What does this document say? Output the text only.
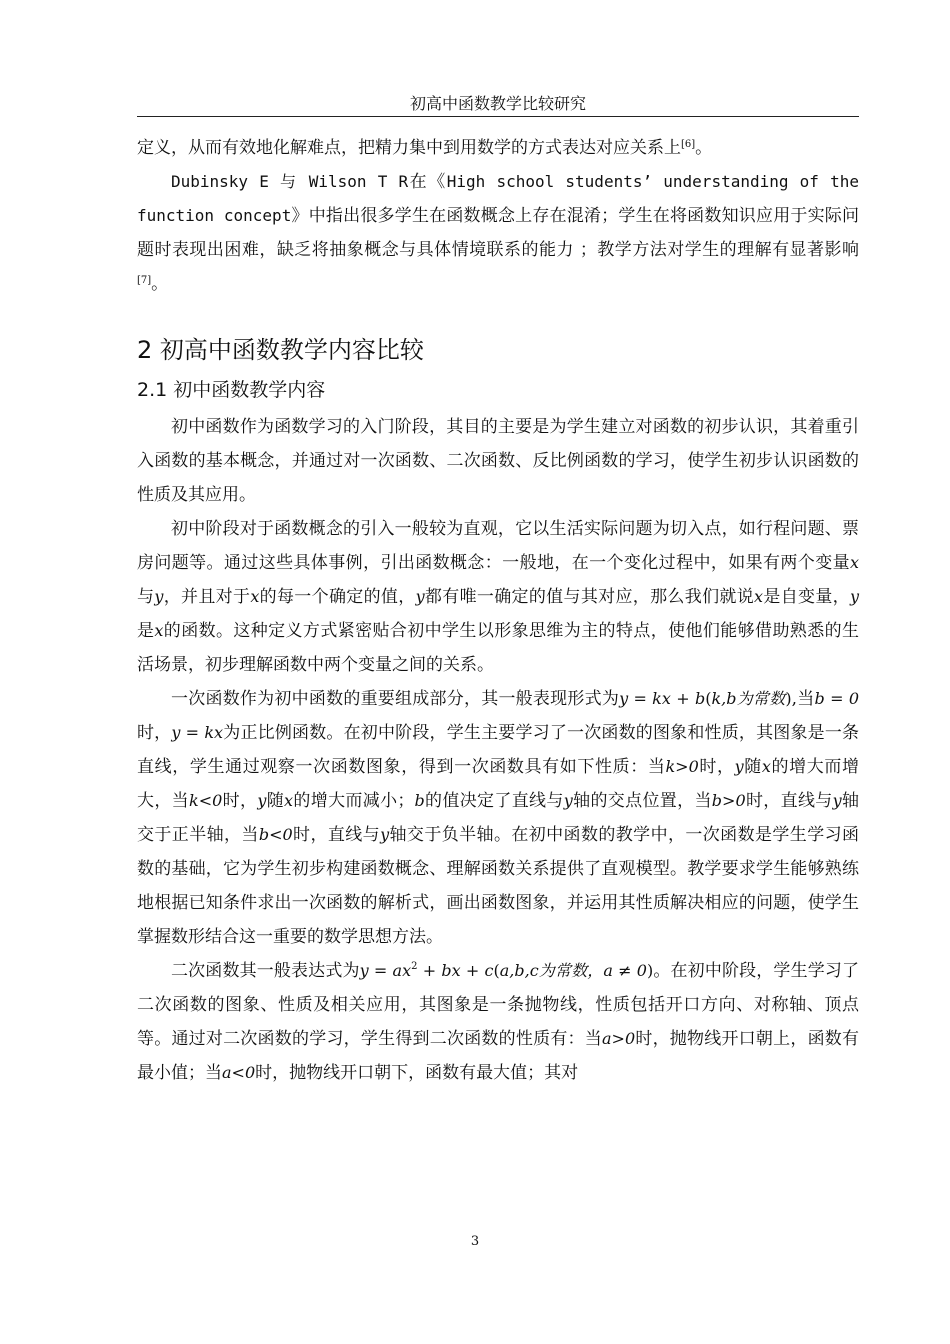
初高中函数教学比较研究

定义，从而有效地化解难点，把精力集中到用数学的方式表达对应关系上[6]。

Dubinsky E 与 Wilson T R在《High school students’ understanding of the function concept》中指出很多学生在函数概念上存在混淆；学生在将函数知识应用于实际问题时表现出困难，缺乏将抽象概念与具体情境联系的能力 ；教学方法对学生的理解有显著影响[7]。

2 初高中函数教学内容比较
2.1 初中函数教学内容

初中函数作为函数学习的入门阶段，其目的主要是为学生建立对函数的初步认识，其着重引入函数的基本概念，并通过对一次函数、二次函数、反比例函数的学习，使学生初步认识函数的性质及其应用。

初中阶段对于函数概念的引入一般较为直观，它以生活实际问题为切入点，如行程问题、票房问题等。通过这些具体事例，引出函数概念：一般地，在一个变化过程中，如果有两个变量x与y，并且对于x的每一个确定的值，y都有唯一确定的值与其对应，那么我们就说x是自变量，y是x的函数。这种定义方式紧密贴合初中学生以形象思维为主的特点，使他们能够借助熟悉的生活场景，初步理解函数中两个变量之间的关系。

一次函数作为初中函数的重要组成部分，其一般表现形式为y = kx + b(k,b为常数),当b = 0时，y = kx为正比例函数。在初中阶段，学生主要学习了一次函数的图象和性质，其图象是一条直线，学生通过观察一次函数图象，得到一次函数具有如下性质：当k>0时，y随x的增大而增大，当k<0时，y随x的增大而减小；b的值决定了直线与y轴的交点位置，当b>0时，直线与y轴交于正半轴，当b<0时，直线与y轴交于负半轴。在初中函数的教学中，一次函数是学生学习函数的基础，它为学生初步构建函数概念、理解函数关系提供了直观模型。教学要求学生能够熟练地根据已知条件求出一次函数的解析式，画出函数图象，并运用其性质解决相应的问题，使学生掌握数形结合这一重要的数学思想方法。

二次函数其一般表达式为$y = ax^2$ + bx + c(a,b,c为常数，a ≠ 0)。在初中阶段，学生学习了二次函数的图象、性质及相关应用，其图象是一条抛物线，性质包括开口方向、对称轴、顶点等。通过对二次函数的学习，学生得到二次函数的性质有：当a>0时，抛物线开口朝上，函数有最小值；当a<0时，抛物线开口朝下，函数有最大值；其对

3
